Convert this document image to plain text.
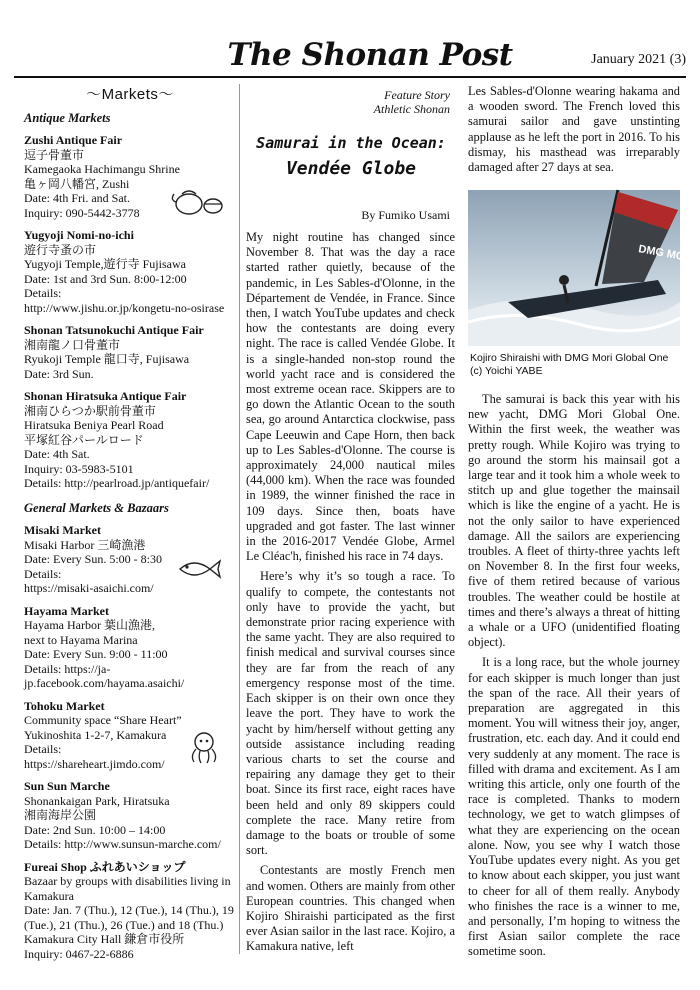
The Shonan Post	January 2021 (3)
～Markets～
Antique Markets
Zushi Antique Fair
逗子骨董市
Kamegaoka Hachimangu Shrine
亀ヶ岡八幡宮, Zushi
Date: 4th Fri. and Sat.
Inquiry: 090-5442-3778
Yugyoji Nomi-no-ichi
遊行寺蚤の市
Yugyoji Temple,遊行寺 Fujisawa
Date: 1st and 3rd Sun. 8:00-12:00
Details:
http://www.jishu.or.jp/kongetu-no-osirase
Shonan Tatsunokuchi Antique Fair
湘南龍ノ口骨董市
Ryukoji Temple 龍口寺, Fujisawa
Date: 3rd Sun.
Shonan Hiratsuka Antique Fair
湘南ひらつか駅前骨董市
Hiratsuka Beniya Pearl Road
平塚紅谷パールロード
Date: 4th Sat.
Inquiry: 03-5983-5101
Details: http://pearlroad.jp/antiquefair/
General Markets & Bazaars
Misaki Market
Misaki Harbor 三崎漁港
Date: Every Sun. 5:00 - 8:30
Details:
https://misaki-asaichi.com/
Hayama Market
Hayama Harbor 葉山漁港,
next to Hayama Marina
Date: Every Sun. 9:00 - 11:00
Details: https://ja-jp.facebook.com/hayama.asaichi/
Tohoku Market
Community space “Share Heart”
Yukinoshita 1-2-7, Kamakura
Details:
https://shareheart.jimdo.com/
Sun Sun Marche
Shonankaigan Park, Hiratsuka
湘南海岸公園
Date: 2nd Sun. 10:00 – 14:00
Details: http://www.sunsun-marche.com/
Fureai Shop ふれあいショップ
Bazaar by groups with disabilities living in Kamakura
Date: Jan. 7 (Thu.), 12 (Tue.), 14 (Thu.), 19 (Tue.), 21 (Thu.), 26 (Tue.) and 18 (Thu.)
Kamakura City Hall 鎌倉市役所
Inquiry: 0467-22-6886
Feature Story
Athletic Shonan
Samurai in the Ocean:
Vendée Globe
By Fumiko Usami

My night routine has changed since November 8. That was the day a race started rather quietly, because of the pandemic, in Les Sables-d'Olonne, in the Département de Vendée, in France. Since then, I watch YouTube updates and check how the contestants are doing every night. The race is called Vendée Globe. It is a single-handed non-stop round the world yacht race and is considered the most extreme ocean race. Skippers are to go down the Atlantic Ocean to the south sea, go around Antarctica clockwise, pass Cape Leeuwin and Cape Horn, then back up to Les Sables-d'Olonne. The course is approximately 24,000 nautical miles (44,000 km). When the race was founded in 1989, the winner finished the race in 109 days. Since then, boats have upgraded and got faster. The last winner in the 2016-2017 Vendée Globe, Armel Le Cléac'h, finished his race in 74 days.

Here’s why it’s so tough a race. To qualify to compete, the contestants not only have to provide the yacht, but demonstrate prior racing experience with the same yacht. They are also required to finish medical and survival courses since they are far from the reach of any emergency response most of the time. Each skipper is on their own once they leave the port. They have to work the yacht by him/herself without getting any outside assistance including reading various charts to set the course and repairing any damage they get to their boat. Since its first race, eight races have been held and only 89 skippers could complete the race. Many retire from damage to the boats or trouble of some sort.

Contestants are mostly French men and women. Others are mainly from other European countries. This changed when Kojiro Shiraishi participated as the first ever Asian sailor in the last race. Kojiro, a Kamakura native, left

Les Sables-d'Olonne wearing hakama and a wooden sword. The French loved this samurai sailor and gave unstinting applause as he left the port in 2016. To his dismay, his masthead was irreparably damaged after 27 days at sea.

DMG MORI
Kojiro Shiraishi with DMG Mori Global One
(c) Yoichi YABE

The samurai is back this year with his new yacht, DMG Mori Global One. Within the first week, the weather was pretty rough. While Kojiro was trying to go around the storm his mainsail got a large tear and it took him a whole week to stitch up and glue together the mainsail which is like the engine of a yacht. He is not the only sailor to have experienced damage. All the sailors are experiencing troubles. A fleet of thirty-three yachts left on November 8. In the first four weeks, five of them retired because of various troubles. The weather could be hostile at times and there’s always a threat of hitting a whale or a UFO (unidentified floating object).

It is a long race, but the whole journey for each skipper is much longer than just the span of the race. All their years of preparation are aggregated in this moment. You will witness their joy, anger, frustration, etc. each day. And it could end very suddenly at any moment. The race is filled with drama and excitement. As I am writing this article, only one fourth of the race is completed. Thanks to modern technology, we get to watch glimpses of what they are experiencing on the ocean alone. Now, you see why I watch those YouTube updates every night. As you get to know about each skipper, you just want to cheer for all of them really. Anybody who finishes the race is a winner to me, and personally, I’m hoping to witness the first Asian sailor complete the race sometime soon.
